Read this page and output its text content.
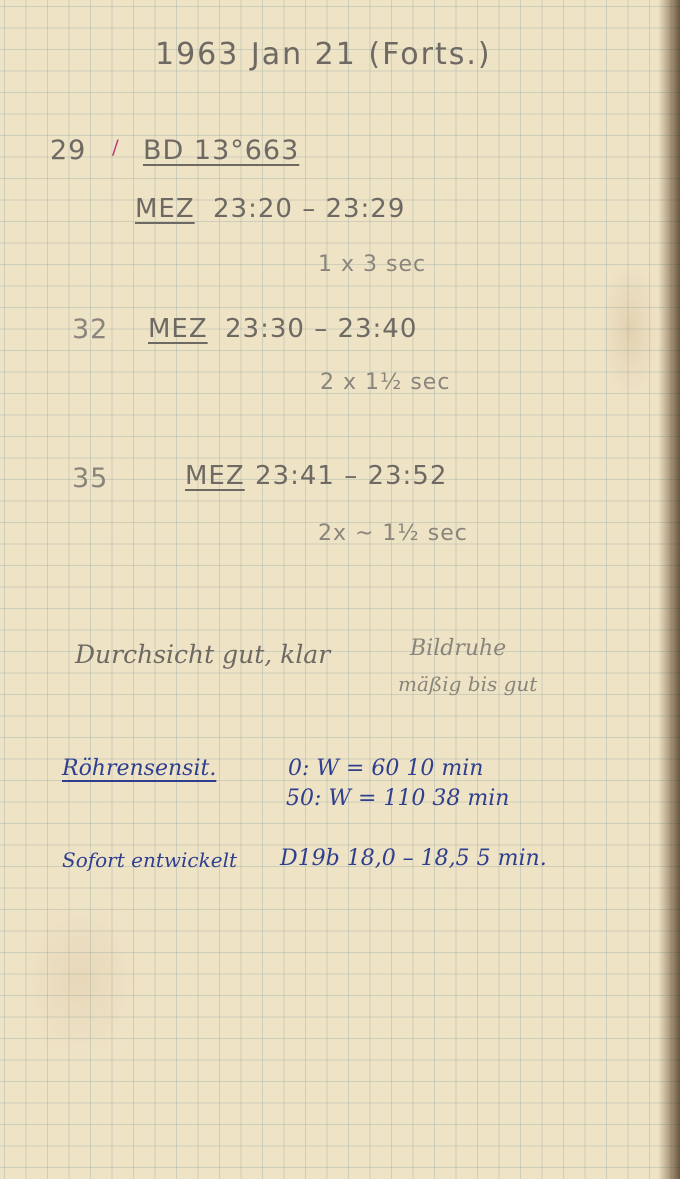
1963 Jan 21 (Forts.)
29 / BD 13°663
MEZ 23:20 – 23:29
1 x 3 sec
32 MEZ 23:30 – 23:40
2 x 1½ sec
35	MEZ 23:41 – 23:52
2x ~ 1½ sec
Durchsicht gut, klar	Bildruhe
mäßig bis gut
Röhrensensit.	0: W = 60 10 min
50: W = 110 38 min
Sofort entwickelt D19b 18,0 – 18,5 5 min.
